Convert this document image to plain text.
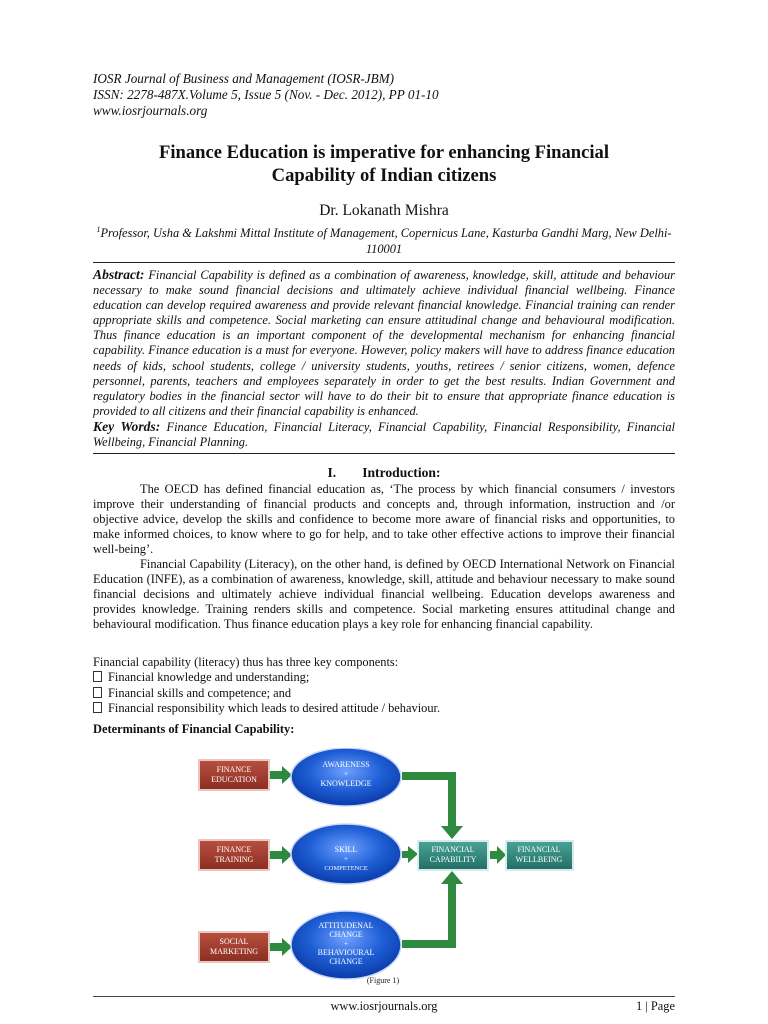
IOSR Journal of Business and Management (IOSR-JBM)
ISSN: 2278-487X.Volume 5, Issue 5 (Nov. - Dec. 2012), PP 01-10
www.iosrjournals.org
Finance Education is imperative for enhancing Financial
Capability of Indian citizens
Dr. Lokanath Mishra
$^1$Professor, Usha & Lakshmi Mittal Institute of Management, Copernicus Lane, Kasturba Gandhi Marg, New Delhi- 110001
Abstract: Financial Capability is defined as a combination of awareness, knowledge, skill, attitude and behaviour necessary to make sound financial decisions and ultimately achieve individual financial wellbeing. Finance education can develop required awareness and provide relevant financial knowledge. Financial training can render appropriate skills and competence. Social marketing can ensure attitudinal change and behavioural modification. Thus finance education is an important component of the developmental mechanism for enhancing financial capability. Finance education is a must for everyone. However, policy makers will have to address finance education needs of kids, school students, college / university students, youths, retirees / senior citizens, women, defence personnel, parents, teachers and employees separately in order to get the best results. Indian Government and regulatory bodies in the financial sector will have to do their bit to ensure that appropriate finance education is provided to all citizens and their financial capability is enhanced.
Key Words: Finance Education, Financial Literacy, Financial Capability, Financial Responsibility, Financial Wellbeing, Financial Planning.
I. Introduction:

The OECD has defined financial education as, ‘The process by which financial consumers / investors improve their understanding of financial products and concepts and, through information, instruction and /or objective advice, develop the skills and confidence to become more aware of financial risks and opportunities, to make informed choices, to know where to go for help, and to take other effective actions to improve their financial well-being’.

Financial Capability (Literacy), on the other hand, is defined by OECD International Network on Financial Education (INFE), as a combination of awareness, knowledge, skill, attitude and behaviour necessary to make sound financial decisions and ultimately achieve individual financial wellbeing. Education develops awareness and provides knowledge. Training renders skills and competence. Social marketing ensures attitudinal change and behavioural modification. Thus finance education plays a key role for enhancing financial capability.

Financial capability (literacy) thus has three key components:
Financial knowledge and understanding;
Financial skills and competence; and
Financial responsibility which leads to desired attitude / behaviour.
Determinants of Financial Capability:
FINANCE
EDUCATION
FINANCE
TRAINING
SOCIAL
MARKETING
AWARENESS
+
KNOWLEDGE
SKILL
+
COMPETENCE
ATTITUDENAL
CHANGE
+
BEHAVIOURAL
CHANGE
FINANCIAL
CAPABILITY
FINANCIAL
WELLBEING
(Figure 1)
www.iosrjournals.org	1 | Page
